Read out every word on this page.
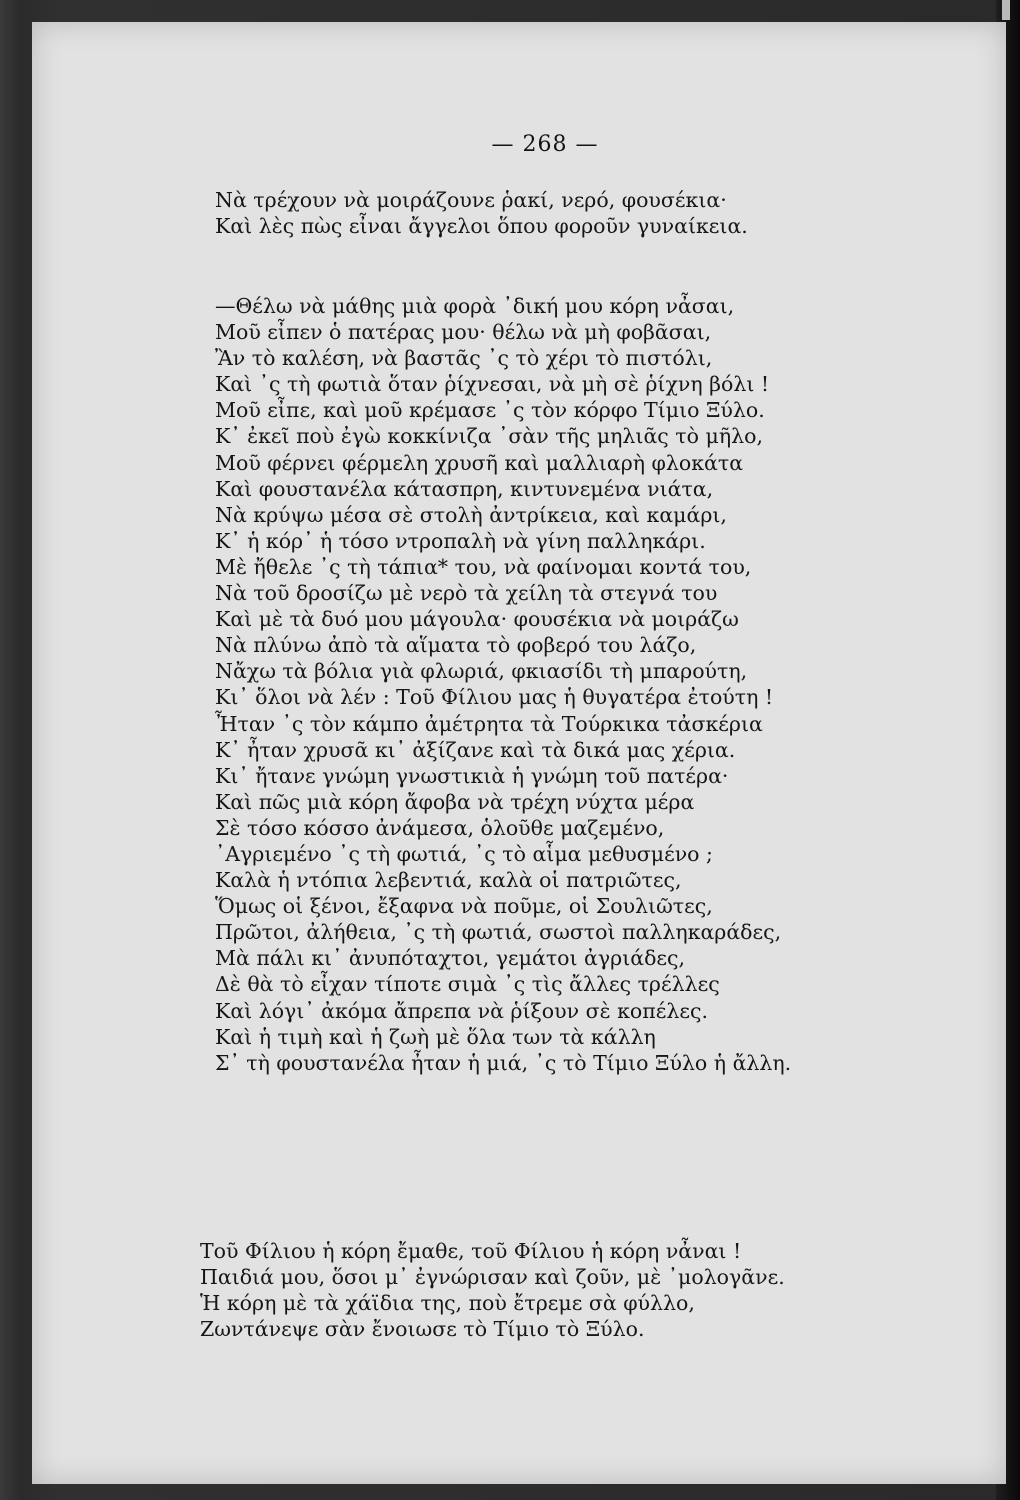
— 268 —
Νὰ τρέχουν νὰ μοιράζουνε ῥακί, νερό, φουσέκια·
Καὶ λὲς πὼς εἶναι ἄγγελοι ὅπου φοροῦν γυναίκεια.
—Θέλω νὰ μάθης μιὰ φορὰ ᾿δική μου κόρη νἆσαι,
Μοῦ εἶπεν ὁ πατέρας μου· θέλω νὰ μὴ φοβᾶσαι,
Ἂν τὸ καλέση, νὰ βαστᾶς ᾿ς τὸ χέρι τὸ πιστόλι,
Καὶ ᾿ς τὴ φωτιὰ ὅταν ῥίχνεσαι, νὰ μὴ σὲ ῥίχνη βόλι !
Μοῦ εἶπε, καὶ μοῦ κρέμασε ᾿ς τὸν κόρφο Τίμιο Ξύλο.
Κ᾿ ἐκεῖ ποὺ ἐγὼ κοκκίνιζα ᾿σὰν τῆς μηλιᾶς τὸ μῆλο,
Μοῦ φέρνει φέρμελη χρυσῆ καὶ μαλλιαρὴ φλοκάτα
Καὶ φουστανέλα κάτασπρη, κιντυνεμένα νιάτα,
Νὰ κρύψω μέσα σὲ στολὴ ἀντρίκεια, καὶ καμάρι,
Κ᾿ ἡ κόρ᾿ ἡ τόσο ντροπαλὴ νὰ γίνη παλληκάρι.
Μὲ ἤθελε ᾿ς τὴ τάπια* του, νὰ φαίνομαι κοντά του,
Νὰ τοῦ δροσίζω μὲ νερὸ τὰ χείλη τὰ στεγνά του
Καὶ μὲ τὰ δυό μου μάγουλα· φουσέκια νὰ μοιράζω
Νὰ πλύνω ἀπὸ τὰ αἵματα τὸ φοβερό του λάζο,
Νἄχω τὰ βόλια γιὰ φλωριά, φκιασίδι τὴ μπαρούτη,
Κι᾿ ὅλοι νὰ λέν : Τοῦ Φίλιου μας ἡ θυγατέρα ἐτούτη !
Ἦταν ᾿ς τὸν κάμπο ἀμέτρητα τὰ Τούρκικα τἀσκέρια
Κ᾿ ἦταν χρυσᾶ κι᾿ ἀξίζανε καὶ τὰ δικά μας χέρια.
Κι᾿ ἤτανε γνώμη γνωστικιὰ ἡ γνώμη τοῦ πατέρα·
Καὶ πῶς μιὰ κόρη ἄφοβα νὰ τρέχη νύχτα μέρα
Σὲ τόσο κόσσο ἀνάμεσα, ὁλοῦθε μαζεμένο,
᾿Αγριεμένο ᾿ς τὴ φωτιά, ᾿ς τὸ αἷμα μεθυσμένο ;
Καλὰ ἡ ντόπια λεβεντιά, καλὰ οἱ πατριῶτες,
Ὅμως οἱ ξένοι, ἔξαφνα νὰ ποῦμε, οἱ Σουλιῶτες,
Πρῶτοι, ἀλήθεια, ᾿ς τὴ φωτιά, σωστοὶ παλληκαράδες,
Μὰ πάλι κι᾿ ἀνυπόταχτοι, γεμάτοι ἀγριάδες,
Δὲ θὰ τὸ εἶχαν τίποτε σιμὰ ᾿ς τὶς ἄλλες τρέλλες
Καὶ λόγι᾿ ἀκόμα ἄπρεπα νὰ ῥίξουν σὲ κοπέλες.
Καὶ ἡ τιμὴ καὶ ἡ ζωὴ μὲ ὅλα των τὰ κάλλη
Σ᾿ τὴ φουστανέλα ἦταν ἡ μιά, ᾿ς τὸ Τίμιο Ξύλο ἡ ἄλλη.
Τοῦ Φίλιου ἡ κόρη ἔμαθε, τοῦ Φίλιου ἡ κόρη νἆναι !
Παιδιά μου, ὅσοι μ᾿ ἐγνώρισαν καὶ ζοῦν, μὲ ᾿μολογᾶνε.
Ἡ κόρη μὲ τὰ χάϊδια της, ποὺ ἔτρεμε σὰ φύλλο,
Ζωντάνεψε σὰν ἔνοιωσε τὸ Τίμιο τὸ Ξύλο.
